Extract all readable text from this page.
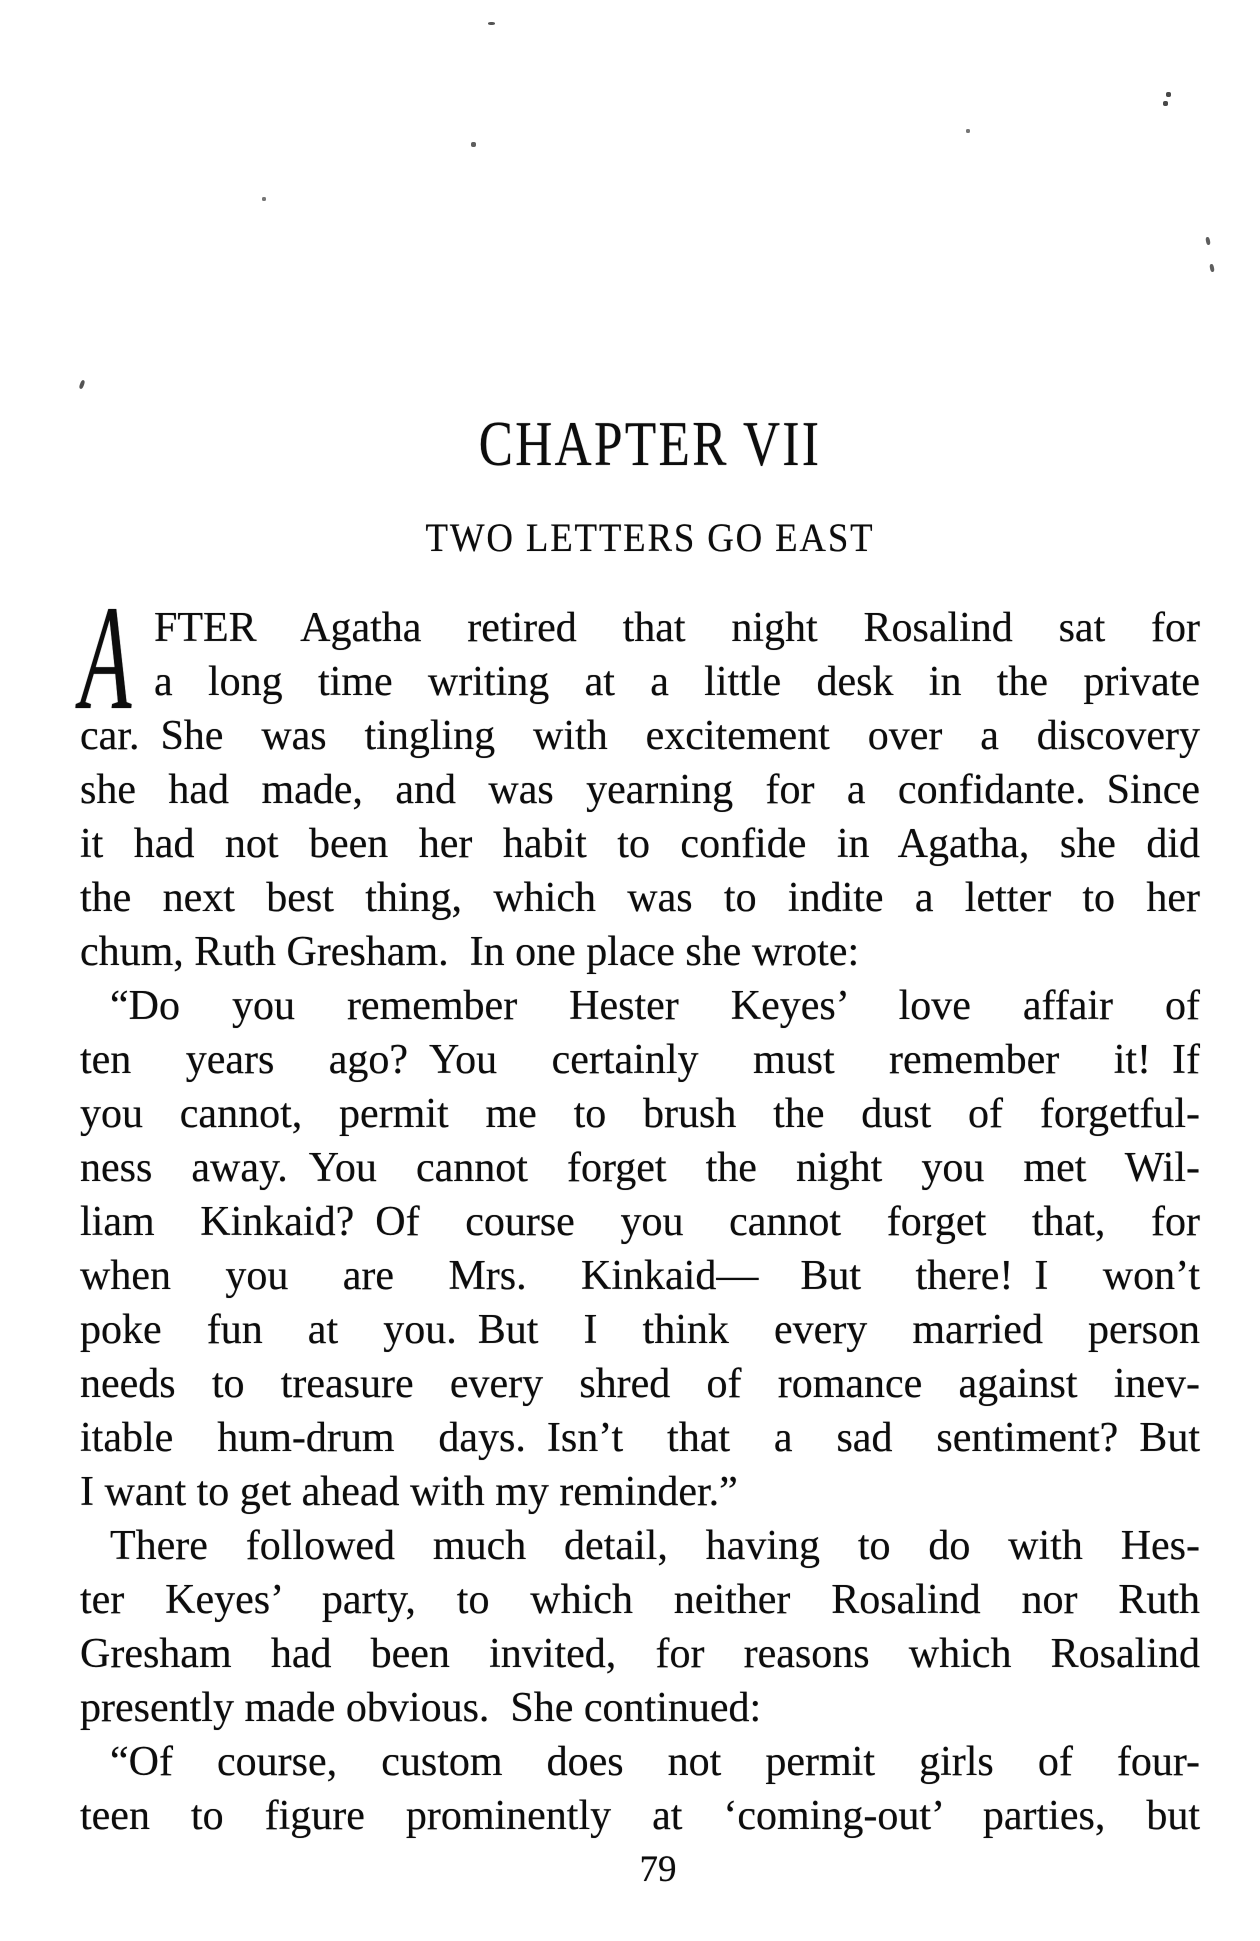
CHAPTER VII
TWO LETTERS GO EAST
A FTER Agatha retired that night Rosalind sat for
a long time writing at a little desk in the private
car. She was tingling with excitement over a discovery
she had made, and was yearning for a confidante. Since
it had not been her habit to confide in Agatha, she did
the next best thing, which was to indite a letter to her
chum, Ruth Gresham. In one place she wrote:
“Do you remember Hester Keyes’ love affair of
ten years ago? You certainly must remember it! If
you cannot, permit me to brush the dust of forgetful-
ness away. You cannot forget the night you met Wil-
liam Kinkaid? Of course you cannot forget that, for
when you are Mrs. Kinkaid— But there! I won’t
poke fun at you. But I think every married person
needs to treasure every shred of romance against inev-
itable hum-drum days. Isn’t that a sad sentiment? But
I want to get ahead with my reminder.”
There followed much detail, having to do with Hes-
ter Keyes’ party, to which neither Rosalind nor Ruth
Gresham had been invited, for reasons which Rosalind
presently made obvious. She continued:
“Of course, custom does not permit girls of four-
teen to figure prominently at ‘coming-out’ parties, but
79
